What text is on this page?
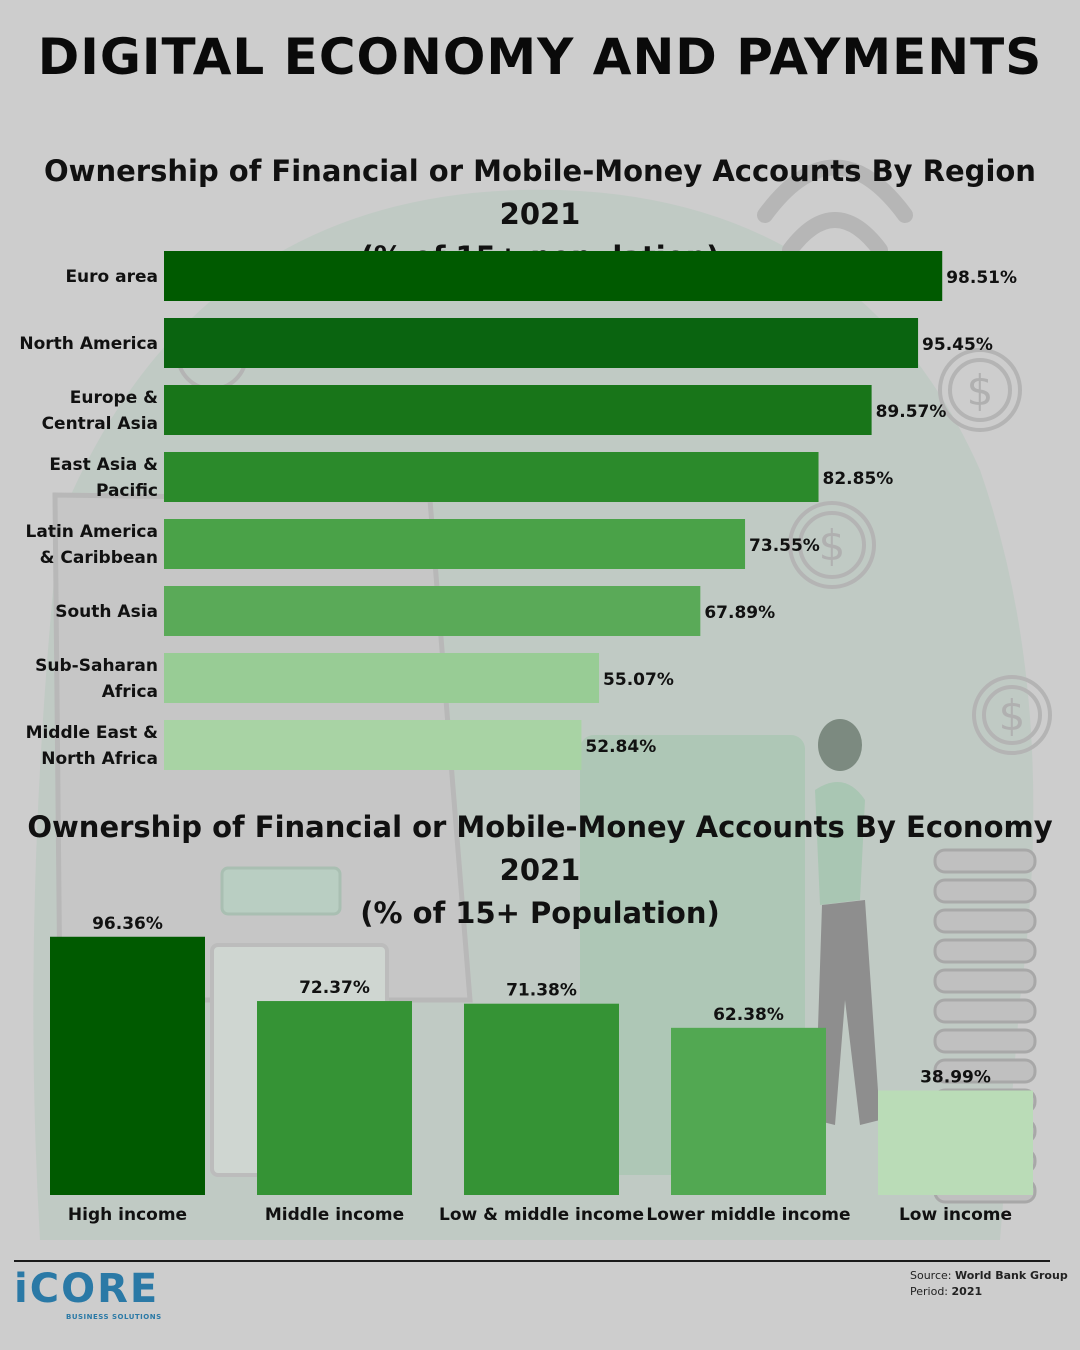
$
$
$
DIGITAL ECONOMY AND PAYMENTS
Ownership of Financial or Mobile-Money Accounts By Region 2021
98.51%
Euro area
95.45%
North America
89.57%
Europe &
Central Asia
82.85%
East Asia &
Pacific
73.55%
Latin America
& Caribbean
67.89%
South Asia
55.07%
Sub-Saharan
Africa
52.84%
Middle East &
North Africa
Ownership of Financial or Mobile-Money Accounts By Economy 2021
(% of 15+ Population)
96.36%
High income
72.37%
Middle income
71.38%
Low & middle income
62.38%
Lower middle income
38.99%
Low income
iCORE
BUSINESS SOLUTIONS
Source: World Bank Group
Period: 2021
